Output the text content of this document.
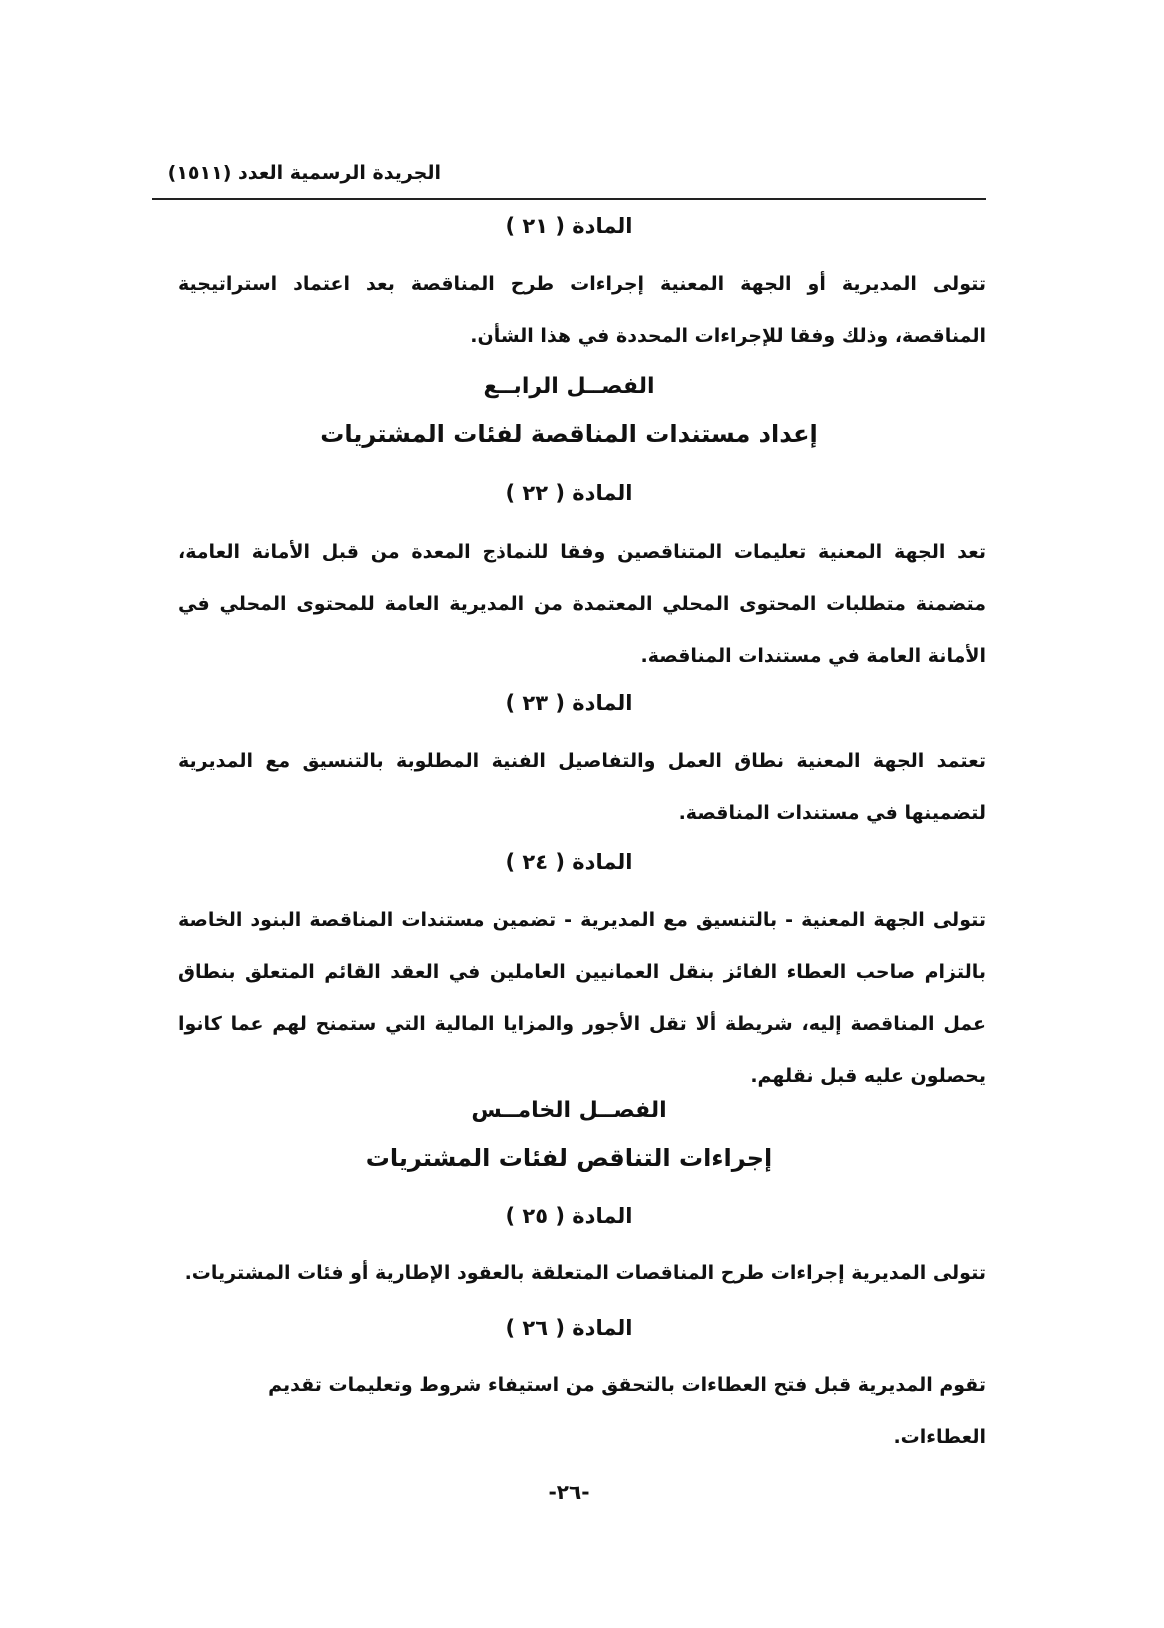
الجريدة الرسمية العدد (١٥١١)
المادة ( ٢١ )

تتولى المديرية أو الجهة المعنية إجراءات طرح المناقصة بعد اعتماد استراتيجية المناقصة، وذلك وفقا للإجراءات المحددة في هذا الشأن.

الفصــل الرابــع
إعداد مستندات المناقصة لفئات المشتريات
المادة ( ٢٢ )

تعد الجهة المعنية تعليمات المتناقصين وفقا للنماذج المعدة من قبل الأمانة العامة، متضمنة متطلبات المحتوى المحلي المعتمدة من المديرية العامة للمحتوى المحلي في الأمانة العامة في مستندات المناقصة.

المادة ( ٢٣ )

تعتمد الجهة المعنية نطاق العمل والتفاصيل الفنية المطلوبة بالتنسيق مع المديرية لتضمينها في مستندات المناقصة.

المادة ( ٢٤ )

تتولى الجهة المعنية - بالتنسيق مع المديرية - تضمين مستندات المناقصة البنود الخاصة بالتزام صاحب العطاء الفائز بنقل العمانيين العاملين في العقد القائم المتعلق بنطاق عمل المناقصة إليه، شريطة ألا تقل الأجور والمزايا المالية التي ستمنح لهم عما كانوا يحصلون عليه قبل نقلهم.

الفصــل الخامــس
إجراءات التناقص لفئات المشتريات
المادة ( ٢٥ )

تتولى المديرية إجراءات طرح المناقصات المتعلقة بالعقود الإطارية أو فئات المشتريات.

المادة ( ٢٦ )

تقوم المديرية قبل فتح العطاءات بالتحقق من استيفاء شروط وتعليمات تقديم العطاءات.

-٢٦-
